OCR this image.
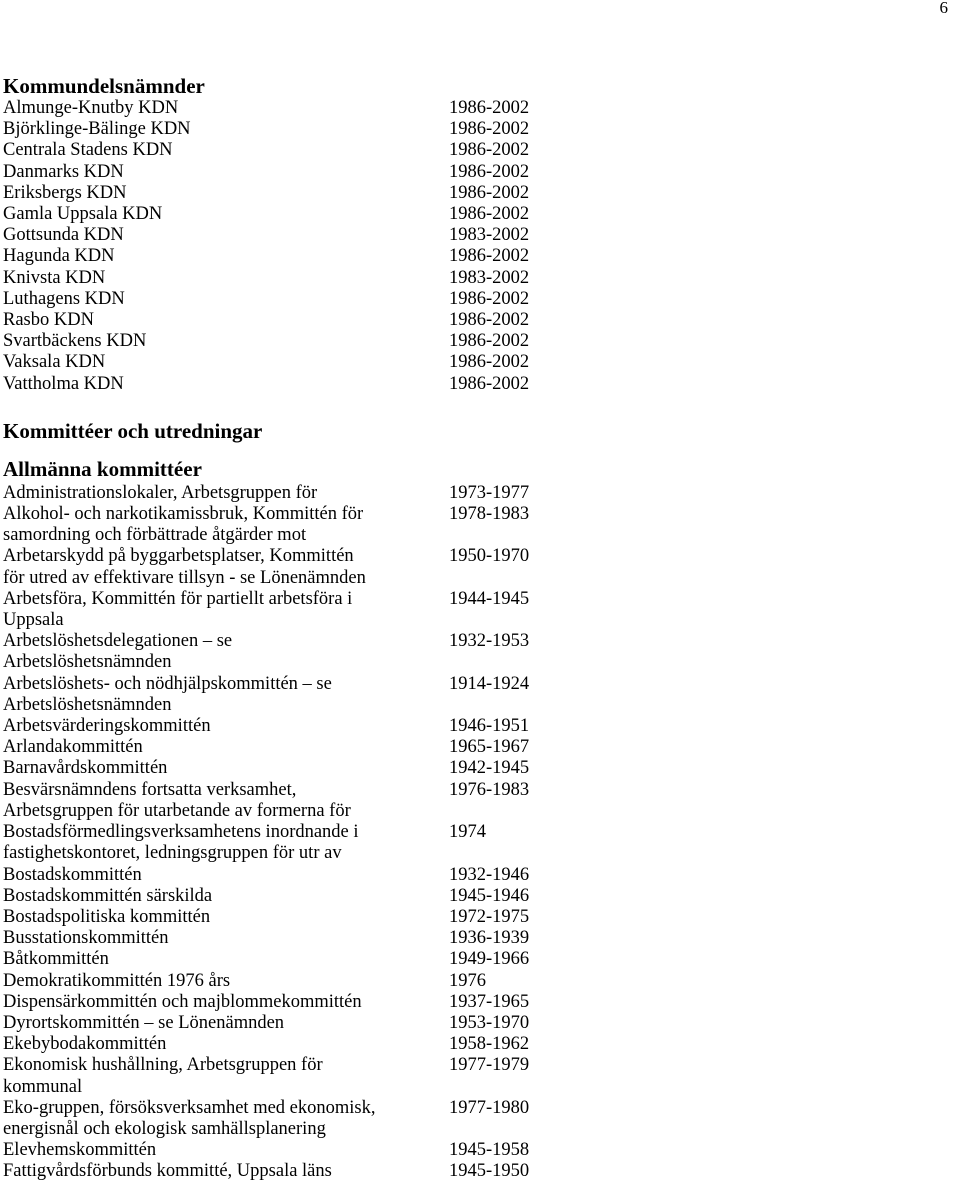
6
Kommundelsnämnder
Almunge-Knutby KDN	1986-2002
Björklinge-Bälinge KDN	1986-2002
Centrala Stadens KDN	1986-2002
Danmarks KDN	1986-2002
Eriksbergs KDN	1986-2002
Gamla Uppsala KDN	1986-2002
Gottsunda KDN	1983-2002
Hagunda KDN	1986-2002
Knivsta KDN	1983-2002
Luthagens KDN	1986-2002
Rasbo KDN	1986-2002
Svartbäckens KDN	1986-2002
Vaksala KDN	1986-2002
Vattholma KDN	1986-2002
Kommittéer och utredningar
Allmänna kommittéer
Administrationslokaler, Arbetsgruppen för	1973-1977
Alkohol- och narkotikamissbruk, Kommittén för	1978-1983
samordning och förbättrade åtgärder mot
Arbetarskydd på byggarbetsplatser, Kommittén	1950-1970
för utred av effektivare tillsyn - se Lönenämnden
Arbetsföra, Kommittén för partiellt arbetsföra i	1944-1945
Uppsala
Arbetslöshetsdelegationen – se	1932-1953
Arbetslöshetsnämnden
Arbetslöshets- och nödhjälpskommittén – se	1914-1924
Arbetslöshetsnämnden
Arbetsvärderingskommittén	1946-1951
Arlandakommittén	1965-1967
Barnavårdskommittén	1942-1945
Besvärsnämndens fortsatta verksamhet,	1976-1983
Arbetsgruppen för utarbetande av formerna för
Bostadsförmedlingsverksamhetens inordnande i	1974
fastighetskontoret, ledningsgruppen för utr av
Bostadskommittén	1932-1946
Bostadskommittén särskilda	1945-1946
Bostadspolitiska kommittén	1972-1975
Busstationskommittén	1936-1939
Båtkommittén	1949-1966
Demokratikommittén 1976 års	1976
Dispensärkommittén och majblommekommittén	1937-1965
Dyrortskommittén – se Lönenämnden	1953-1970
Ekebybodakommittén	1958-1962
Ekonomisk hushållning, Arbetsgruppen för	1977-1979
kommunal
Eko-gruppen, försöksverksamhet med ekonomisk,	1977-1980
energisnål och ekologisk samhällsplanering
Elevhemskommittén	1945-1958
Fattigvårdsförbunds kommitté, Uppsala läns	1945-1950
